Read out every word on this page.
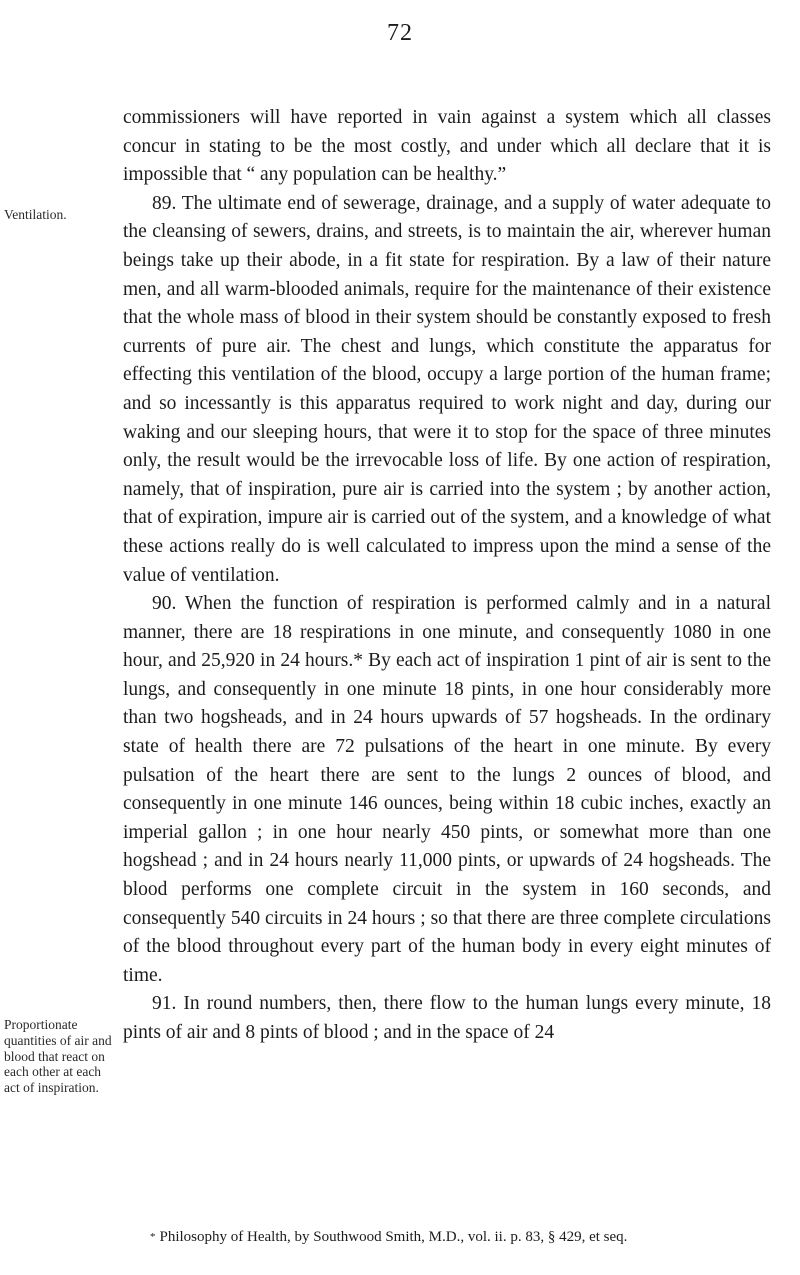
72
Ventilation.
Proportionate quantities of air and blood that react on each other at each act of inspiration.

commissioners will have reported in vain against a system which all classes concur in stating to be the most costly, and under which all declare that it is impossible that “ any population can be healthy.”

89. The ultimate end of sewerage, drainage, and a supply of water adequate to the cleansing of sewers, drains, and streets, is to maintain the air, wherever human beings take up their abode, in a fit state for respiration. By a law of their nature men, and all warm-blooded animals, require for the maintenance of their existence that the whole mass of blood in their system should be constantly exposed to fresh currents of pure air. The chest and lungs, which constitute the apparatus for effecting this ventilation of the blood, occupy a large portion of the human frame; and so incessantly is this apparatus required to work night and day, during our waking and our sleeping hours, that were it to stop for the space of three minutes only, the result would be the irrevocable loss of life. By one action of respiration, namely, that of inspiration, pure air is carried into the system ; by another action, that of expiration, impure air is carried out of the system, and a knowledge of what these actions really do is well calculated to impress upon the mind a sense of the value of ventilation.

90. When the function of respiration is performed calmly and in a natural manner, there are 18 respirations in one minute, and consequently 1080 in one hour, and 25,920 in 24 hours.* By each act of inspiration 1 pint of air is sent to the lungs, and consequently in one minute 18 pints, in one hour considerably more than two hogsheads, and in 24 hours upwards of 57 hogsheads. In the ordinary state of health there are 72 pulsations of the heart in one minute. By every pulsation of the heart there are sent to the lungs 2 ounces of blood, and consequently in one minute 146 ounces, being within 18 cubic inches, exactly an imperial gallon ; in one hour nearly 450 pints, or somewhat more than one hogshead ; and in 24 hours nearly 11,000 pints, or upwards of 24 hogsheads. The blood performs one complete circuit in the system in 160 seconds, and consequently 540 circuits in 24 hours ; so that there are three complete circulations of the blood throughout every part of the human body in every eight minutes of time.

91. In round numbers, then, there flow to the human lungs every minute, 18 pints of air and 8 pints of blood ; and in the space of 24

* Philosophy of Health, by Southwood Smith, M.D., vol. ii. p. 83, § 429, et seq.
